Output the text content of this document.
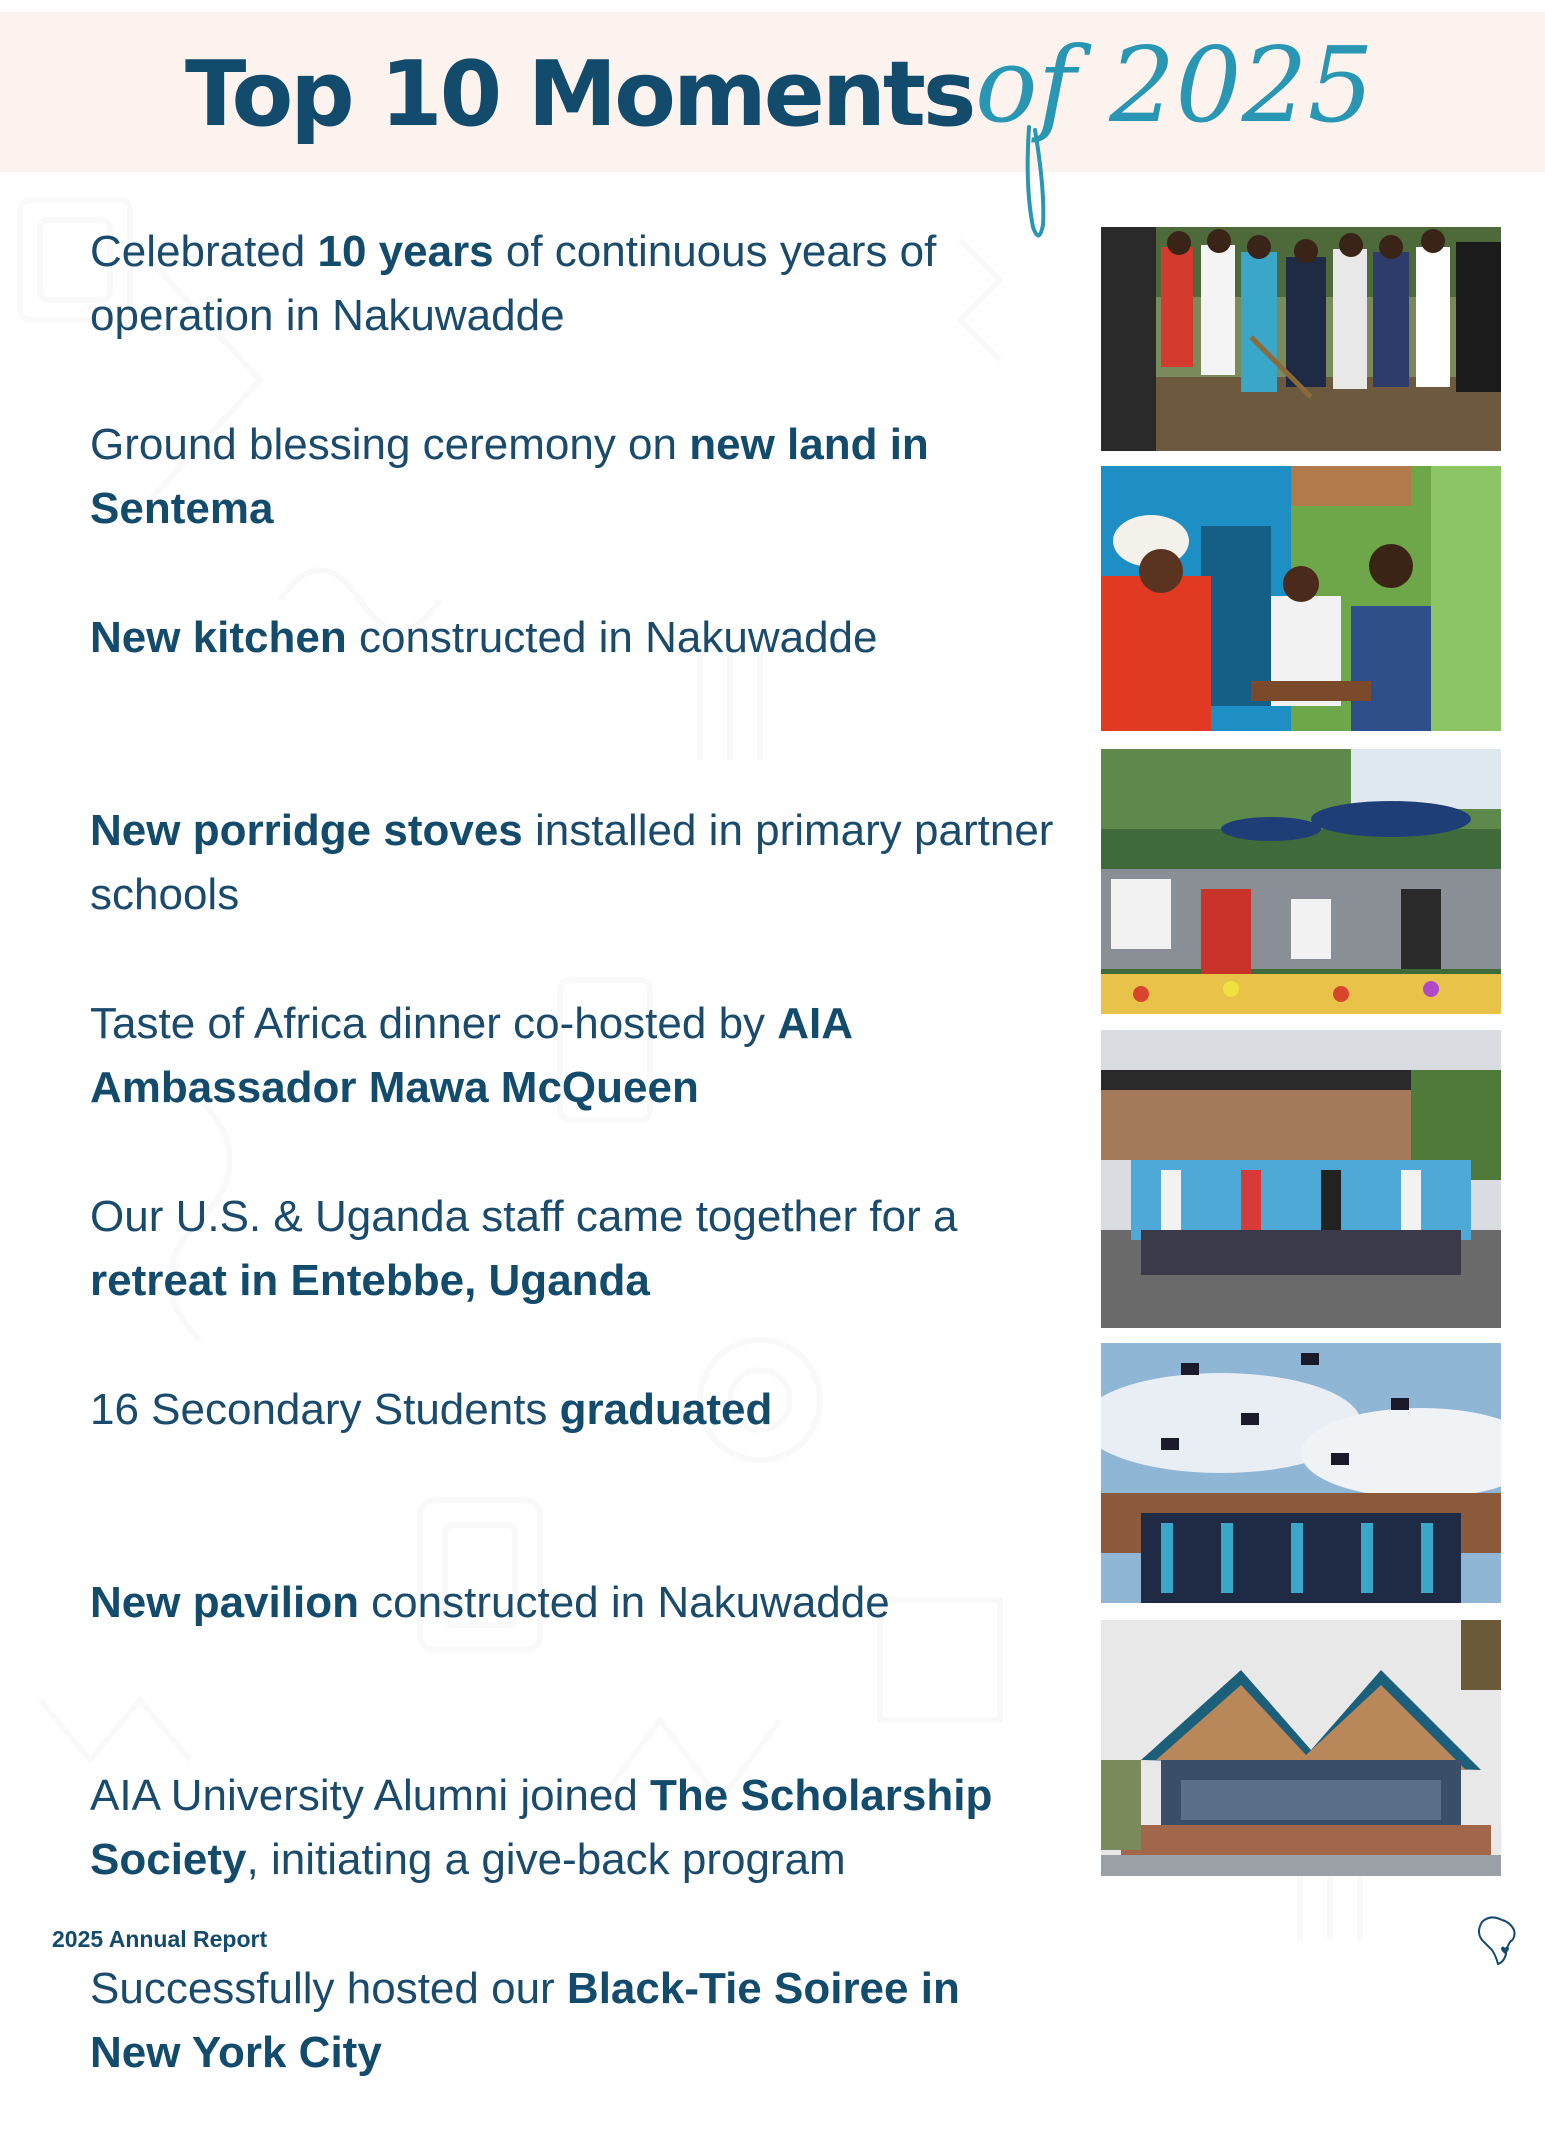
Top 10 Moments of 2025
Celebrated 10 years of continuous years of operation in Nakuwadde
Ground blessing ceremony on new land in Sentema
New kitchen constructed in Nakuwadde
New porridge stoves installed in primary partner schools
Taste of Africa dinner co-hosted by AIA Ambassador Mawa McQueen
Our U.S. & Uganda staff came together for a retreat in Entebbe, Uganda
16 Secondary Students graduated
New pavilion constructed in Nakuwadde
AIA University Alumni joined The Scholarship Society, initiating a give-back program
Successfully hosted our Black-Tie Soiree in New York City
2025 Annual Report
